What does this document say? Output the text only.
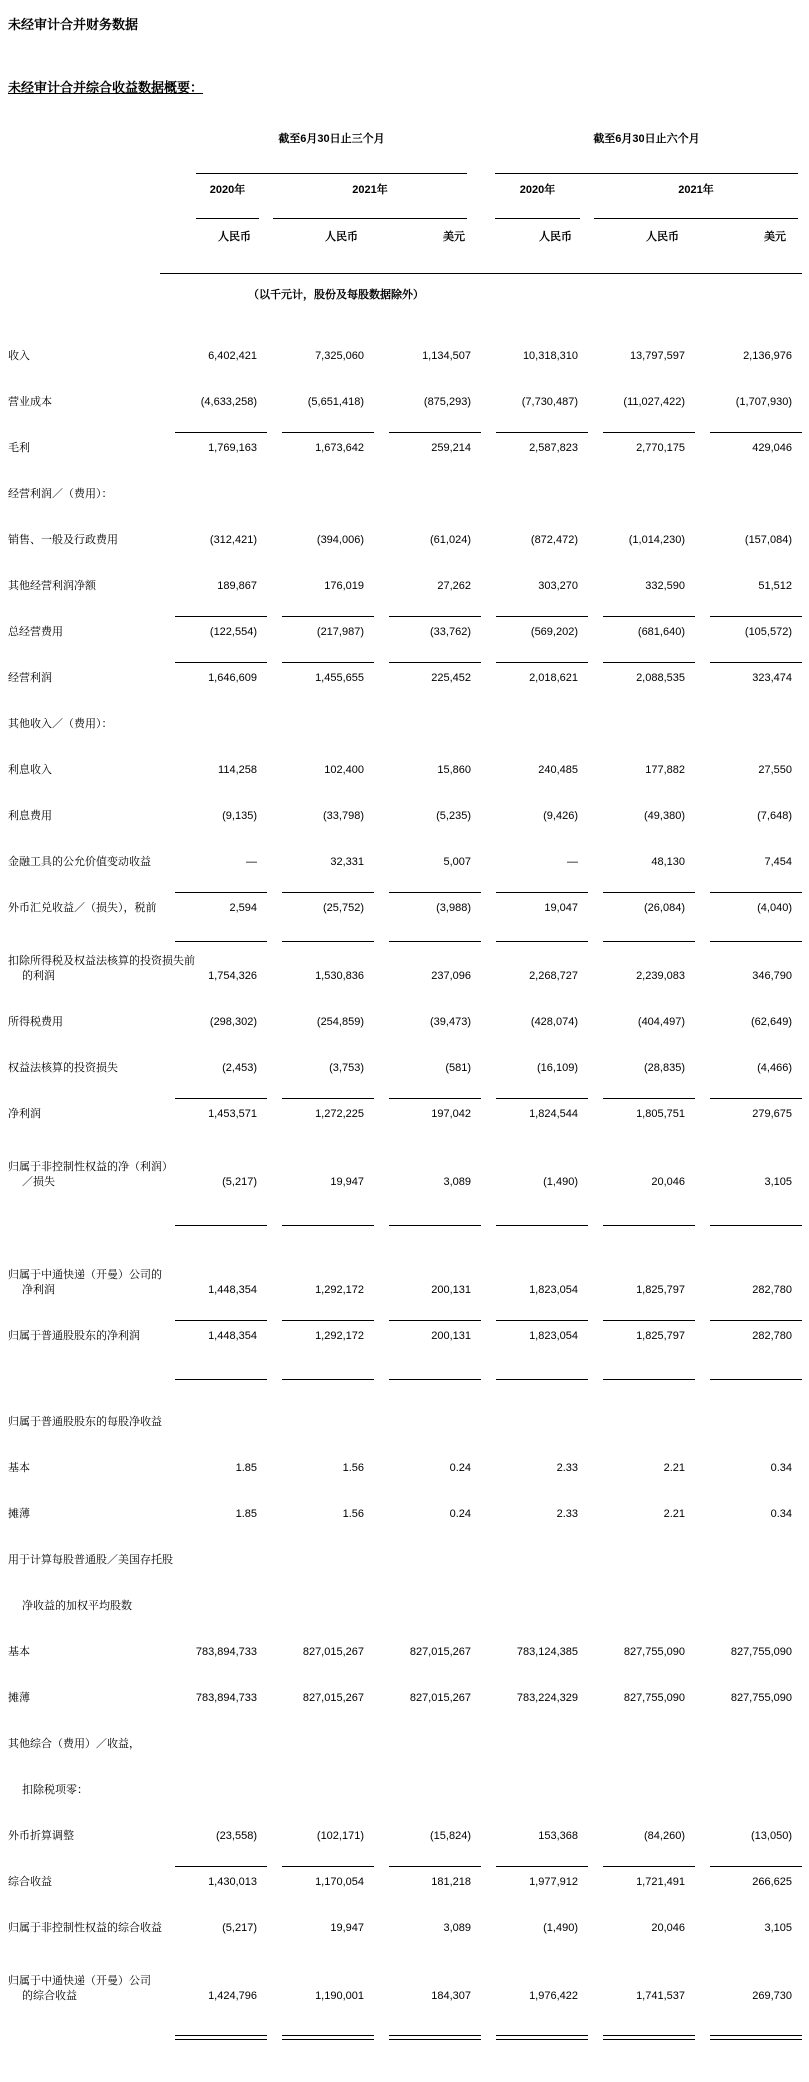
未经审计合并财务数据
未经审计合并综合收益数据概要：
截至6月30日止三个月	截至6月30日止六个月
2020年	2021年	2020年	2021年
人民币	人民币	美元	人民币	人民币	美元
（以千元计，股份及每股数据除外）
收入	6,402,421	7,325,060	1,134,507	10,318,310	13,797,597	2,136,976
营业成本	(4,633,258)	(5,651,418)	(875,293)	(7,730,487)	(11,027,422)	(1,707,930)
毛利	1,769,163	1,673,642	259,214	2,587,823	2,770,175	429,046
经营利润／（费用）：
销售、一般及行政费用	(312,421)	(394,006)	(61,024)	(872,472)	(1,014,230)	(157,084)
其他经营利润净额	189,867	176,019	27,262	303,270	332,590	51,512
总经营费用	(122,554)	(217,987)	(33,762)	(569,202)	(681,640)	(105,572)
经营利润	1,646,609	1,455,655	225,452	2,018,621	2,088,535	323,474
其他收入／（费用）：
利息收入	114,258	102,400	15,860	240,485	177,882	27,550
利息费用	(9,135)	(33,798)	(5,235)	(9,426)	(49,380)	(7,648)
金融工具的公允价值变动收益	—	32,331	5,007	—	48,130	7,454
外币汇兑收益／（损失），税前	2,594	(25,752)	(3,988)	19,047	(26,084)	(4,040)
扣除所得税及权益法核算的投资损失前
的利润	1,754,326	1,530,836	237,096	2,268,727	2,239,083	346,790
所得税费用	(298,302)	(254,859)	(39,473)	(428,074)	(404,497)	(62,649)
权益法核算的投资损失	(2,453)	(3,753)	(581)	(16,109)	(28,835)	(4,466)
净利润	1,453,571	1,272,225	197,042	1,824,544	1,805,751	279,675
归属于非控制性权益的净（利润）
／损失	(5,217)	19,947	3,089	(1,490)	20,046	3,105
归属于中通快递（开曼）公司的
净利润	1,448,354	1,292,172	200,131	1,823,054	1,825,797	282,780
归属于普通股股东的净利润	1,448,354	1,292,172	200,131	1,823,054	1,825,797	282,780
归属于普通股股东的每股净收益
基本	1.85	1.56	0.24	2.33	2.21	0.34
摊薄	1.85	1.56	0.24	2.33	2.21	0.34
用于计算每股普通股／美国存托股
净收益的加权平均股数
基本	783,894,733	827,015,267	827,015,267	783,124,385	827,755,090	827,755,090
摊薄	783,894,733	827,015,267	827,015,267	783,224,329	827,755,090	827,755,090
其他综合（费用）／收益，
扣除税项零：
外币折算调整	(23,558)	(102,171)	(15,824)	153,368	(84,260)	(13,050)
综合收益	1,430,013	1,170,054	181,218	1,977,912	1,721,491	266,625
归属于非控制性权益的综合收益	(5,217)	19,947	3,089	(1,490)	20,046	3,105
归属于中通快递（开曼）公司
的综合收益	1,424,796	1,190,001	184,307	1,976,422	1,741,537	269,730
